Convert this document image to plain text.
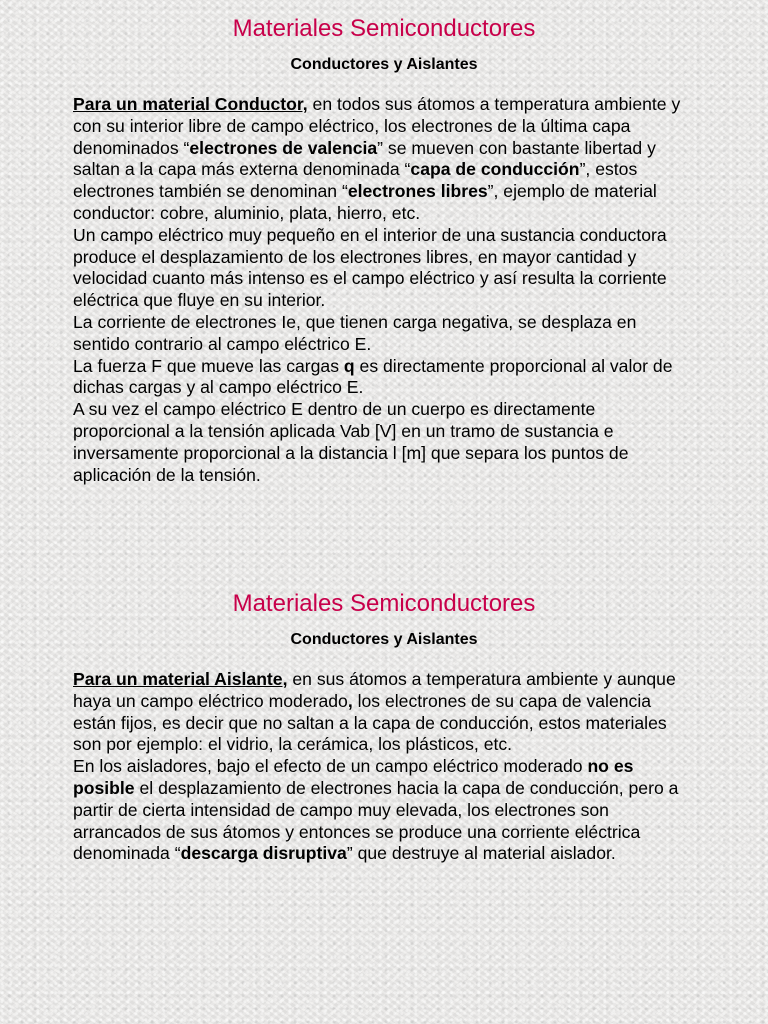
Materiales Semiconductores
Conductores y Aislantes

Para un material Conductor, en todos sus átomos a temperatura ambiente y con su interior libre de campo eléctrico, los electrones de la última capa denominados “electrones de valencia” se mueven con bastante libertad y saltan a la capa más externa denominada “capa de conducción”, estos electrones también se denominan “electrones libres”, ejemplo de material conductor: cobre, aluminio, plata, hierro, etc.

Un campo eléctrico muy pequeño en el interior de una sustancia conductora produce el desplazamiento de los electrones libres, en mayor cantidad y velocidad cuanto más intenso es el campo eléctrico y así resulta la corriente eléctrica que fluye en su interior.

La corriente de electrones Ie, que tienen carga negativa, se desplaza en sentido contrario al campo eléctrico E.

La fuerza F que mueve las cargas q es directamente proporcional al valor de dichas cargas y al campo eléctrico E.

A su vez el campo eléctrico E dentro de un cuerpo es directamente proporcional a la tensión aplicada Vab [V] en un tramo de sustancia e inversamente proporcional a la distancia l [m] que separa los puntos de aplicación de la tensión.

Materiales Semiconductores
Conductores y Aislantes

Para un material Aislante, en sus átomos a temperatura ambiente y aunque haya un campo eléctrico moderado, los electrones de su capa de valencia están fijos, es decir que no saltan a la capa de conducción, estos materiales son por ejemplo: el vidrio, la cerámica, los plásticos, etc.

En los aisladores, bajo el efecto de un campo eléctrico moderado no es posible el desplazamiento de electrones hacia la capa de conducción, pero a partir de cierta intensidad de campo muy elevada, los electrones son arrancados de sus átomos y entonces se produce una corriente eléctrica denominada “descarga disruptiva” que destruye al material aislador.
